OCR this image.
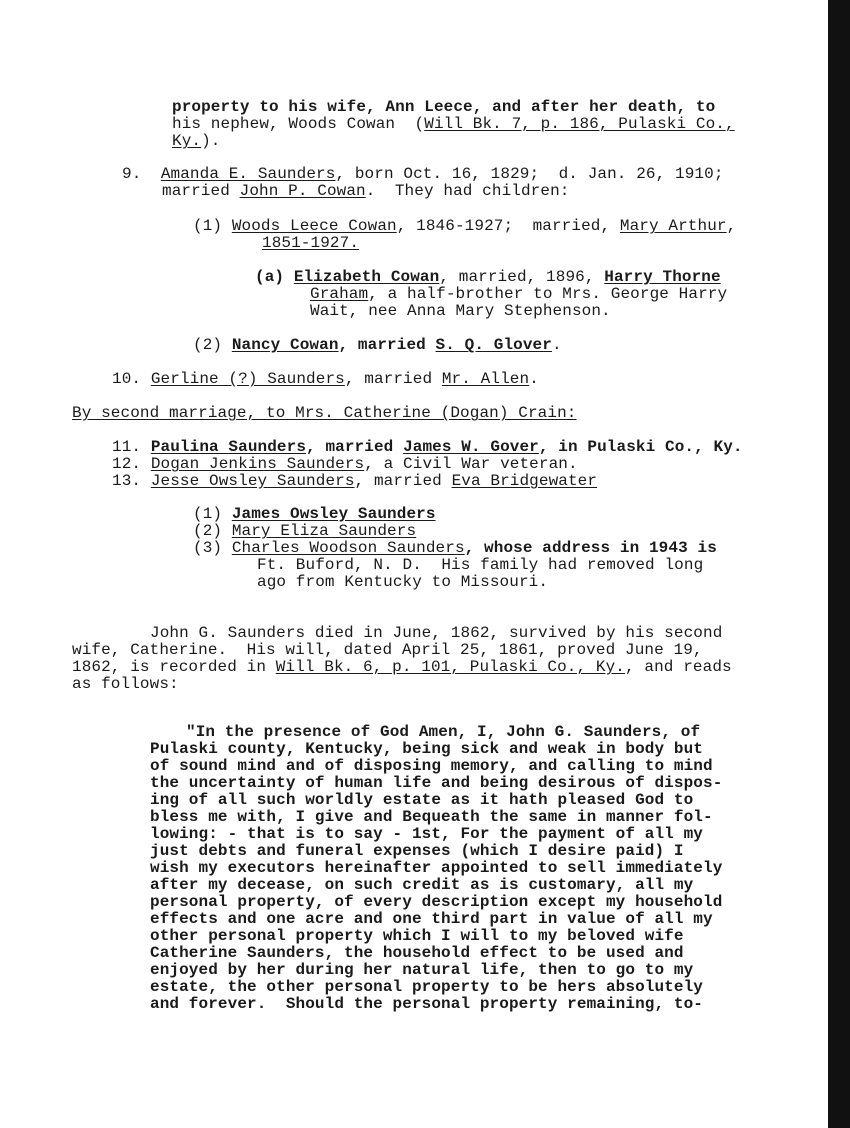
property to his wife, Ann Leece, and after her death, to
his nephew, Woods Cowan  (Will Bk. 7, p. 186, Pulaski Co.,
Ky.).
9. Amanda E. Saunders, born Oct. 16, 1829;  d. Jan. 26, 1910;
married John P. Cowan.  They had children:
(1) Woods Leece Cowan, 1846-1927;  married, Mary Arthur,
1851-1927.
(a) Elizabeth Cowan, married, 1896, Harry Thorne
Graham, a half-brother to Mrs. George Harry
Wait, nee Anna Mary Stephenson.
(2) Nancy Cowan, married S. Q. Glover.
10. Gerline (?) Saunders, married Mr. Allen.
By second marriage, to Mrs. Catherine (Dogan) Crain:
11. Paulina Saunders, married James W. Gover, in Pulaski Co., Ky.
12. Dogan Jenkins Saunders, a Civil War veteran.
13. Jesse Owsley Saunders, married Eva Bridgewater
(1) James Owsley Saunders
(2) Mary Eliza Saunders
(3) Charles Woodson Saunders, whose address in 1943 is
Ft. Buford, N. D.  His family had removed long
ago from Kentucky to Missouri.
John G. Saunders died in June, 1862, survived by his second
wife, Catherine.  His will, dated April 25, 1861, proved June 19,
1862, is recorded in Will Bk. 6, p. 101, Pulaski Co., Ky., and reads
as follows:
"In the presence of God Amen, I, John G. Saunders, of
Pulaski county, Kentucky, being sick and weak in body but
of sound mind and of disposing memory, and calling to mind
the uncertainty of human life and being desirous of dispos-
ing of all such worldly estate as it hath pleased God to
bless me with, I give and Bequeath the same in manner fol-
lowing: - that is to say - 1st, For the payment of all my
just debts and funeral expenses (which I desire paid) I
wish my executors hereinafter appointed to sell immediately
after my decease, on such credit as is customary, all my
personal property, of every description except my household
effects and one acre and one third part in value of all my
other personal property which I will to my beloved wife
Catherine Saunders, the household effect to be used and
enjoyed by her during her natural life, then to go to my
estate, the other personal property to be hers absolutely
and forever.  Should the personal property remaining, to-
